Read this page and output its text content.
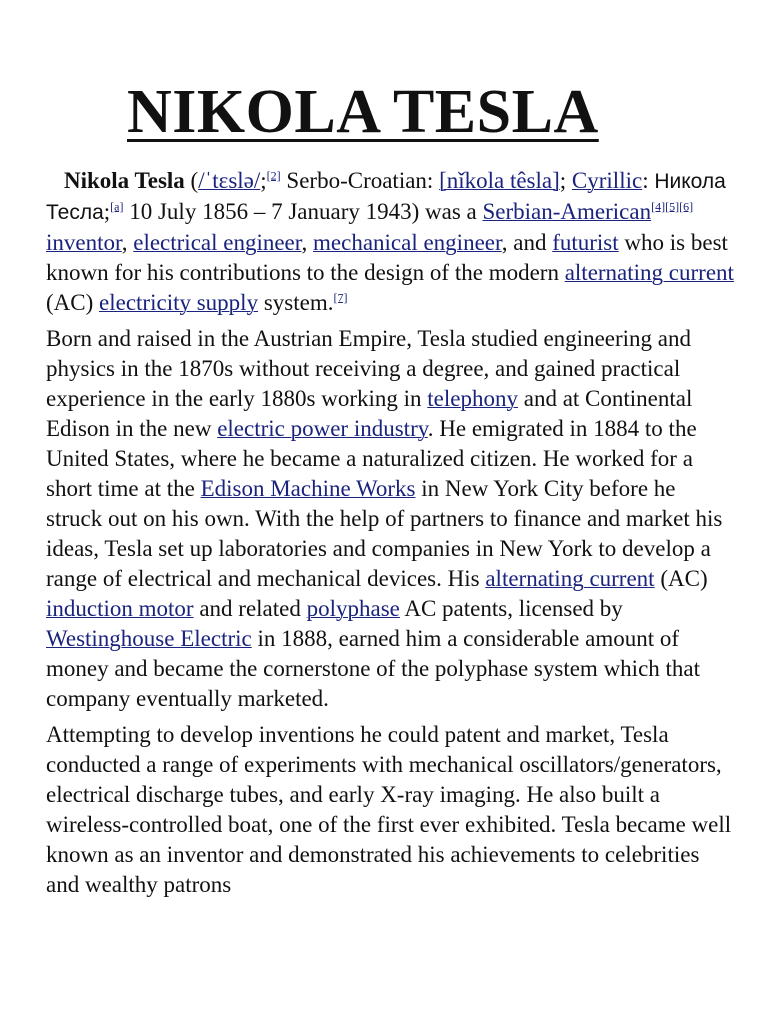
NIKOLA TESLA

Nikola Tesla (/ˈtɛslə/;[2] Serbo-Croatian: [nǐkola têsla]; Cyrillic: Никола Тесла;[a] 10 July 1856 – 7 January 1943) was a Serbian-American[4][5][6] inventor, electrical engineer, mechanical engineer, and futurist who is best known for his contributions to the design of the modern alternating current (AC) electricity supply system.[7]

Born and raised in the Austrian Empire, Tesla studied engineering and physics in the 1870s without receiving a degree, and gained practical experience in the early 1880s working in telephony and at Continental Edison in the new electric power industry. He emigrated in 1884 to the United States, where he became a naturalized citizen. He worked for a short time at the Edison Machine Works in New York City before he struck out on his own. With the help of partners to finance and market his ideas, Tesla set up laboratories and companies in New York to develop a range of electrical and mechanical devices. His alternating current (AC) induction motor and related polyphase AC patents, licensed by Westinghouse Electric in 1888, earned him a considerable amount of money and became the cornerstone of the polyphase system which that company eventually marketed.

Attempting to develop inventions he could patent and market, Tesla conducted a range of experiments with mechanical oscillators/generators, electrical discharge tubes, and early X-ray imaging. He also built a wireless-controlled boat, one of the first ever exhibited. Tesla became well known as an inventor and demonstrated his achievements to celebrities and wealthy patrons
